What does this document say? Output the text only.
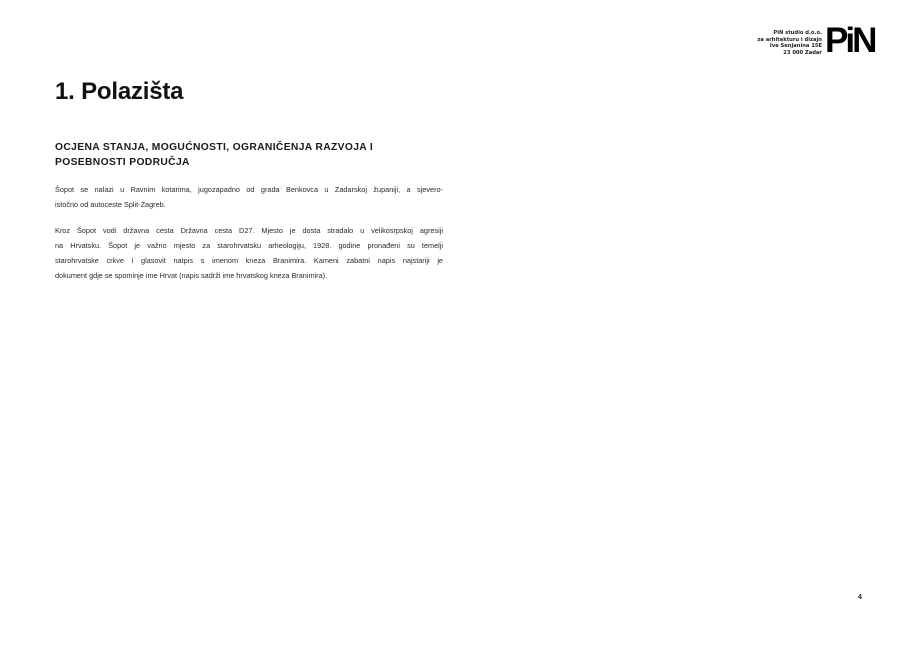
PiN studio d.o.o.
za arhitekturu i dizajn
Ive Senjanina 15E
23 000 Zadar PiN
1. Polazišta
OCJENA STANJA, MOGUĆNOSTI, OGRANIČENJA RAZVOJA I
POSEBNOSTI PODRUČJA

Šopot se nalazi u Ravnim kotarima, jugozapadno od grada Benkovca u Zadarskoj županiji, a sjevero-
istočno od autoceste Split-Zagreb.

Kroz Šopot vodi državna cesta Državna cesta D27. Mjesto je dosta stradalo u velikosrpskoj agresiji
na Hrvatsku. Šopot je važno mjesto za starohrvatsku arheologiju, 1928. godine pronađeni su temelji
starohrvatske crkve i glasovit natpis s imenom kneza Branimira. Kameni zabatni napis najstariji je
dokument gdje se spominje ime Hrvat (napis sadrži ime hrvatskog kneza Branimira).

4
